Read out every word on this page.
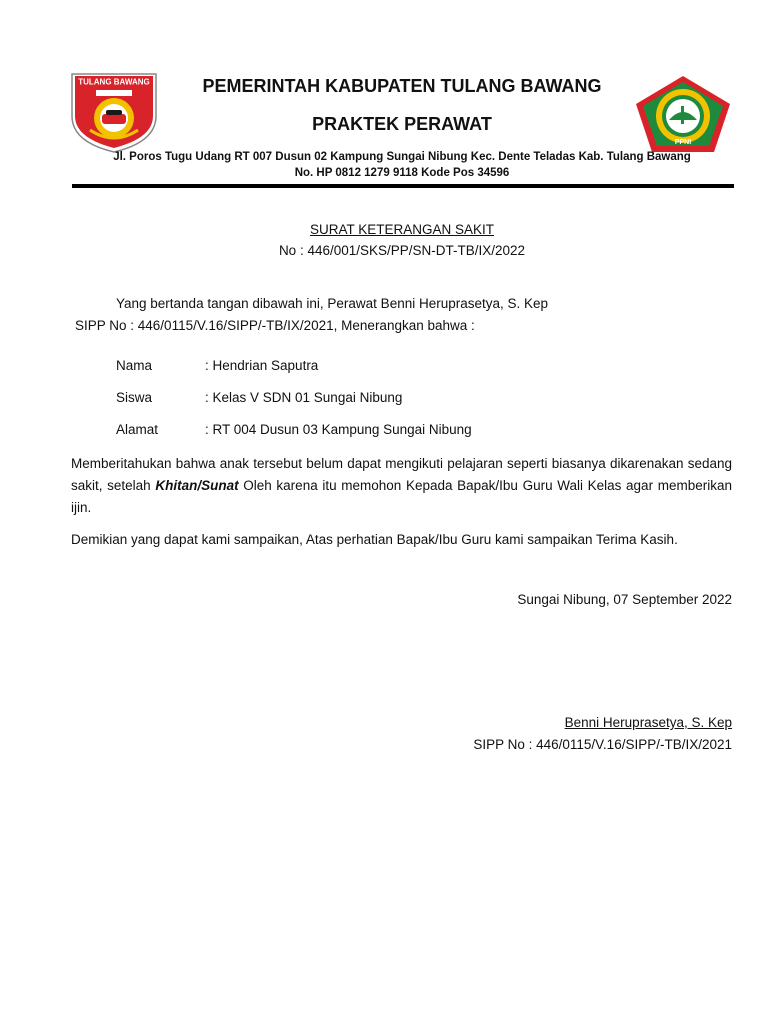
TULANG BAWANG
PPNI
PEMERINTAH KABUPATEN TULANG BAWANG
PRAKTEK PERAWAT
Jl. Poros Tugu Udang RT 007 Dusun 02 Kampung Sungai Nibung Kec. Dente Teladas Kab. Tulang Bawang
No. HP 0812 1279 9118 Kode Pos 34596
SURAT KETERANGAN SAKIT
No : 446/001/SKS/PP/SN-DT-TB/IX/2022
Yang bertanda tangan dibawah ini, Perawat Benni Heruprasetya, S. Kep
SIPP No : 446/0115/V.16/SIPP/-TB/IX/2021, Menerangkan bahwa :
Nama	: Hendrian Saputra
Siswa	: Kelas V SDN 01 Sungai Nibung
Alamat	: RT 004 Dusun 03 Kampung Sungai Nibung
Memberitahukan bahwa anak tersebut belum dapat mengikuti pelajaran seperti biasanya dikarenakan sedang sakit, setelah Khitan/Sunat Oleh karena itu memohon Kepada Bapak/Ibu Guru Wali Kelas agar memberikan ijin.
Demikian yang dapat kami sampaikan, Atas perhatian Bapak/Ibu Guru kami sampaikan Terima Kasih.
Sungai Nibung, 07 September 2022
Benni Heruprasetya, S. Kep
SIPP No : 446/0115/V.16/SIPP/-TB/IX/2021
